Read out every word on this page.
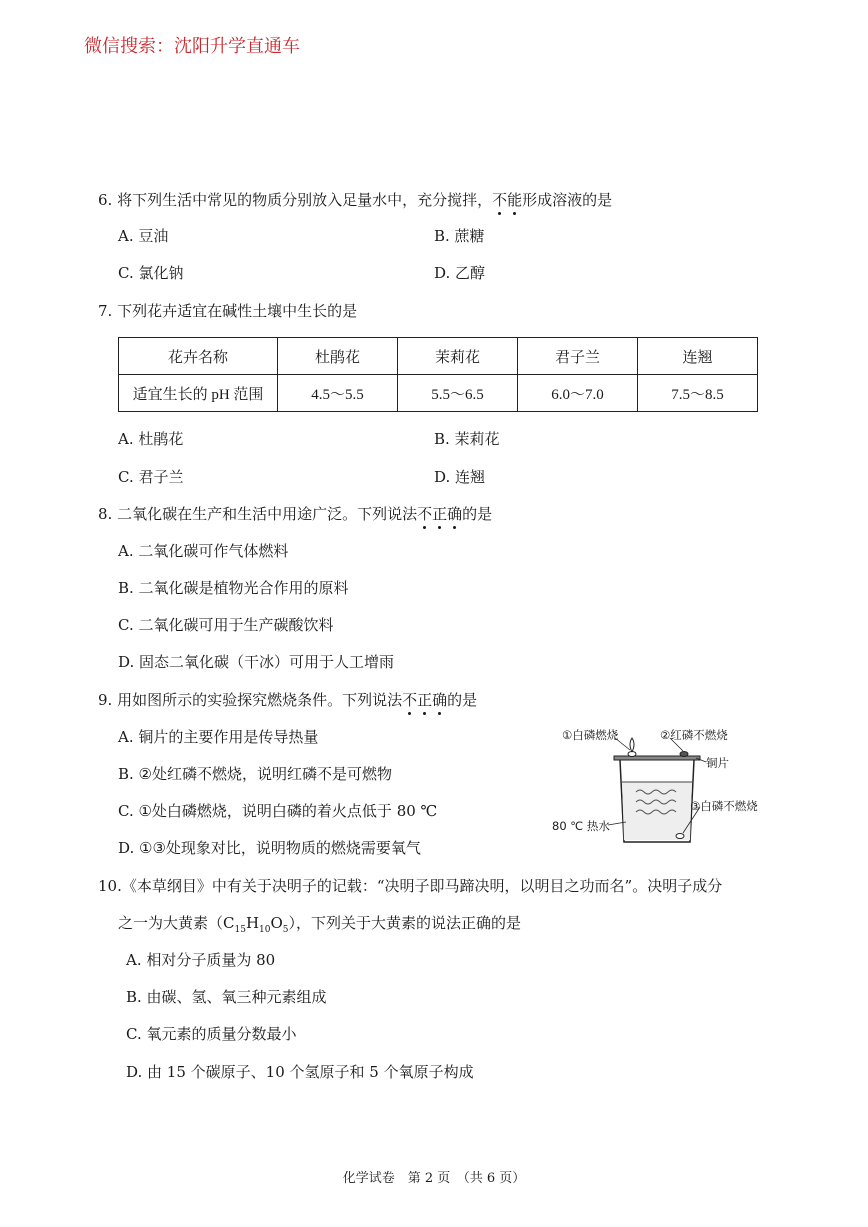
微信搜索：沈阳升学直通车
6. 将下列生活中常见的物质分别放入足量水中，充分搅拌，不能形成溶液的是
A. 豆油	B. 蔗糖
C. 氯化钠	D. 乙醇
7. 下列花卉适宜在碱性土壤中生长的是
花卉名称	杜鹃花	茉莉花	君子兰	连翘
适宜生长的 pH 范围	4.5～5.5	5.5～6.5	6.0～7.0	7.5～8.5
A. 杜鹃花	B. 茉莉花
C. 君子兰	D. 连翘
8. 二氧化碳在生产和生活中用途广泛。下列说法不正确的是
A. 二氧化碳可作气体燃料
B. 二氧化碳是植物光合作用的原料
C. 二氧化碳可用于生产碳酸饮料
D. 固态二氧化碳（干冰）可用于人工增雨
9. 用如图所示的实验探究燃烧条件。下列说法不正确的是
A. 铜片的主要作用是传导热量
B. ②处红磷不燃烧，说明红磷不是可燃物
C. ①处白磷燃烧，说明白磷的着火点低于 80 ℃
D. ①③处现象对比，说明物质的燃烧需要氧气
①白磷燃烧	②红磷不燃烧
铜片
③白磷不燃烧
80 ℃ 热水
10.《本草纲目》中有关于决明子的记载：“决明子即马蹄决明，以明目之功而名”。决明子成分
之一为大黄素$(C_{15}H_{10}O_5)$，下列关于大黄素的说法正确的是
A. 相对分子质量为 80
B. 由碳、氢、氧三种元素组成
C. 氧元素的质量分数最小
D. 由 15 个碳原子、10 个氢原子和 5 个氧原子构成
化学试卷　第 2 页　（共 6 页）
